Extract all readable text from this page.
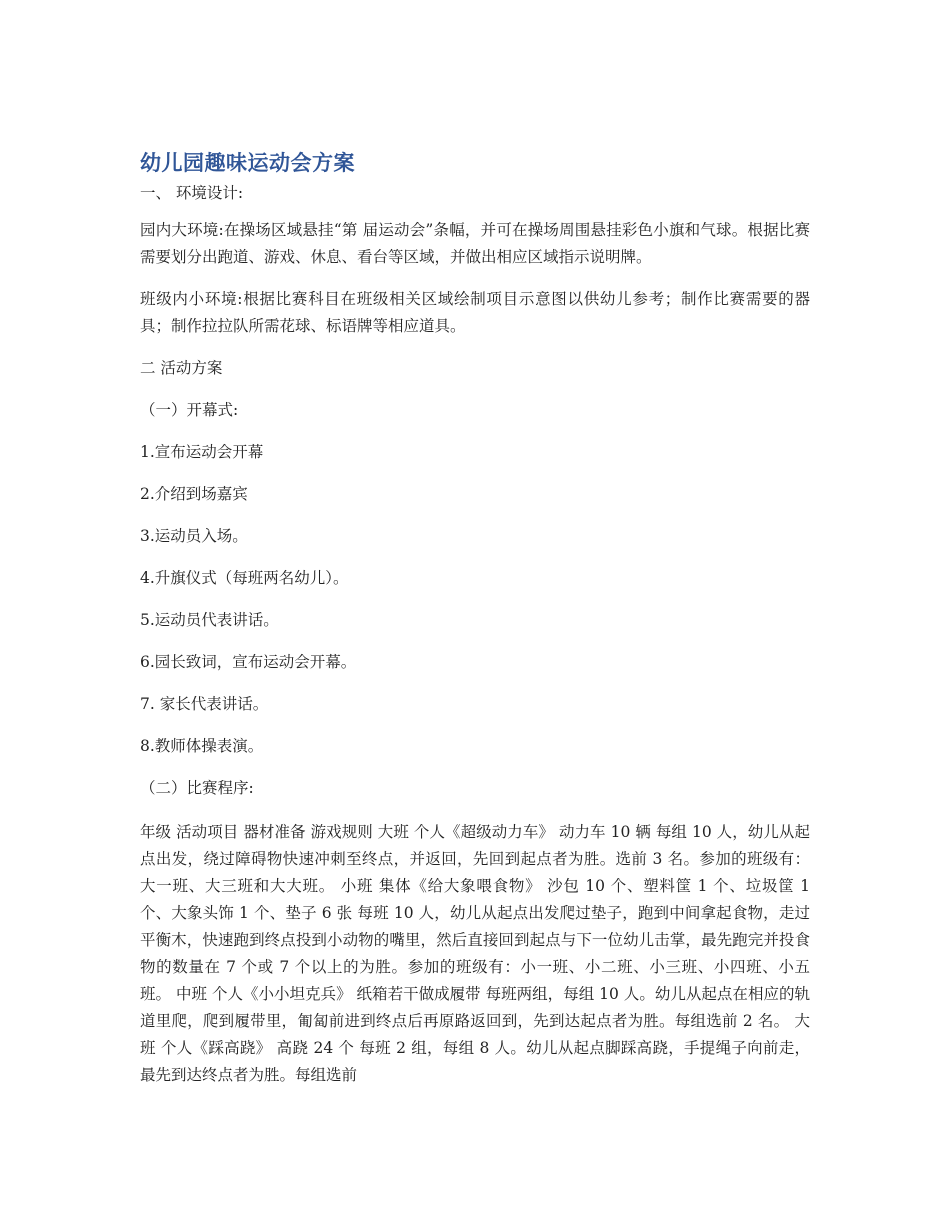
幼儿园趣味运动会方案

一、 环境设计:

园内大环境:在操场区域悬挂“第 届运动会”条幅，并可在操场周围悬挂彩色小旗和气球。根据比赛需要划分出跑道、游戏、休息、看台等区域，并做出相应区域指示说明牌。

班级内小环境:根据比赛科目在班级相关区域绘制项目示意图以供幼儿参考；制作比赛需要的器具；制作拉拉队所需花球、标语牌等相应道具。

二 活动方案

（一）开幕式:

1.宣布运动会开幕

2.介绍到场嘉宾

3.运动员入场。

4.升旗仪式（每班两名幼儿）。

5.运动员代表讲话。

6.园长致词，宣布运动会开幕。

7. 家长代表讲话。

8.教师体操表演。

（二）比赛程序:

年级 活动项目 器材准备 游戏规则 大班 个人《超级动力车》 动力车 10 辆 每组 10 人，幼儿从起点出发，绕过障碍物快速冲刺至终点，并返回，先回到起点者为胜。选前 3 名。参加的班级有：大一班、大三班和大大班。 小班 集体《给大象喂食物》 沙包 10 个、塑料筐 1 个、垃圾筐 1 个、大象头饰 1 个、垫子 6 张 每班 10 人，幼儿从起点出发爬过垫子，跑到中间拿起食物，走过平衡木，快速跑到终点投到小动物的嘴里，然后直接回到起点与下一位幼儿击掌，最先跑完并投食物的数量在 7 个或 7 个以上的为胜。参加的班级有：小一班、小二班、小三班、小四班、小五班。 中班 个人《小小坦克兵》 纸箱若干做成履带 每班两组，每组 10 人。幼儿从起点在相应的轨道里爬，爬到履带里，匍匐前进到终点后再原路返回到，先到达起点者为胜。每组选前 2 名。 大班 个人《踩高跷》 高跷 24 个 每班 2 组，每组 8 人。幼儿从起点脚踩高跷，手提绳子向前走，最先到达终点者为胜。每组选前
